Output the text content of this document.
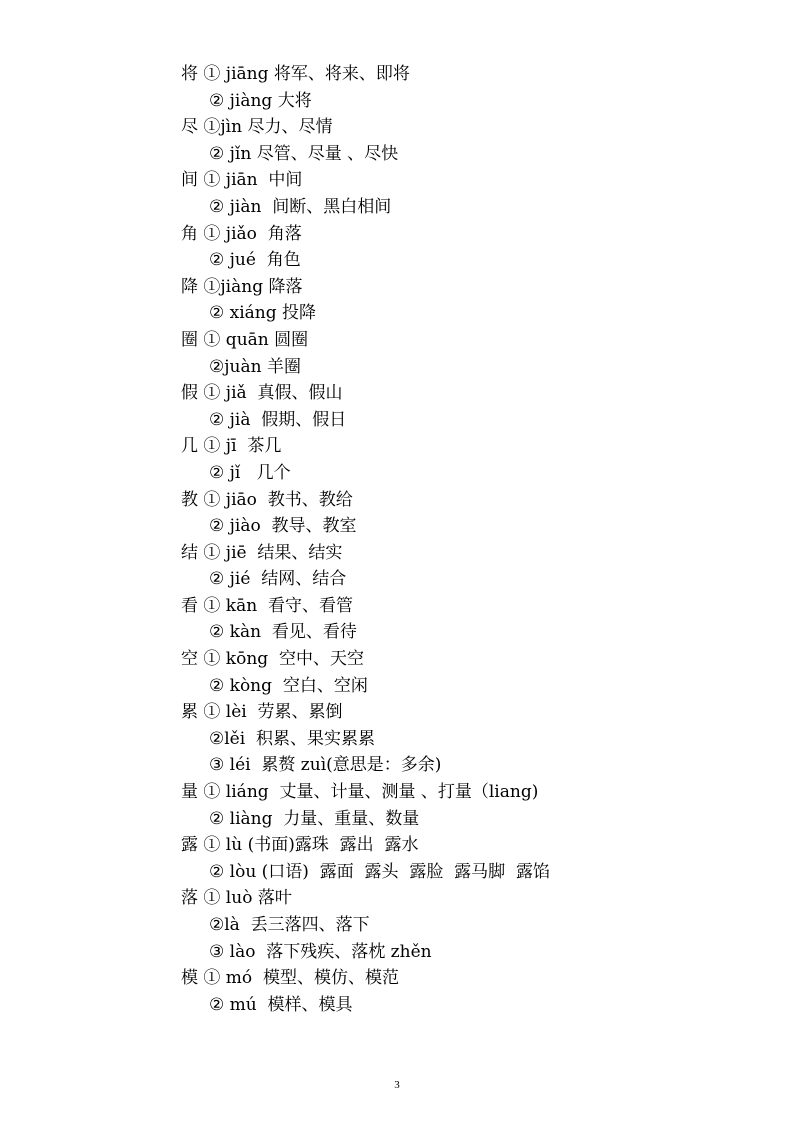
将 ① jiāng 将军、将来、即将
② jiàng 大将
尽 ①jìn 尽力、尽情
② jǐn 尽管、尽量 、尽快
间 ① jiān  中间
② jiàn  间断、黑白相间
角 ① jiǎo  角落
② jué  角色
降 ①jiàng 降落
② xiáng 投降
圈 ① quān 圆圈
②juàn 羊圈
假 ① jiǎ  真假、假山
② jià  假期、假日
几 ① jī  茶几
② jǐ   几个
教 ① jiāo  教书、教给
② jiào  教导、教室
结 ① jiē  结果、结实
② jié  结网、结合
看 ① kān  看守、看管
② kàn  看见、看待
空 ① kōng  空中、天空
② kòng  空白、空闲
累 ① lèi  劳累、累倒
②lěi  积累、果实累累
③ léi  累赘 zuì(意思是：多余)
量 ① liáng  丈量、计量、测量 、打量（liang)
② liàng  力量、重量、数量
露 ① lù (书面)露珠  露出  露水
② lòu (口语)  露面  露头  露脸  露马脚  露馅
落 ① luò 落叶
②là  丢三落四、落下
③ lào  落下残疾、落枕 zhěn
模 ① mó  模型、模仿、模范
② mú  模样、模具
3
